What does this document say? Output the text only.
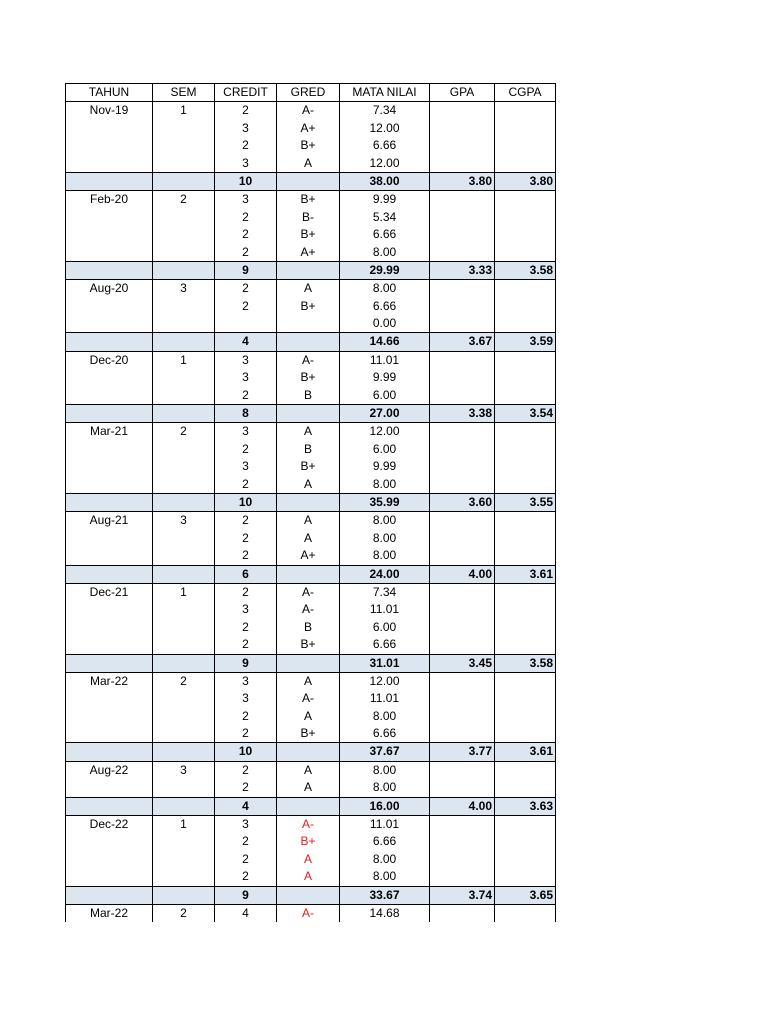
TAHUN	SEM	CREDIT	GRED	MATA NILAI	GPA	CGPA
Nov-19	1	2	A-	7.34		
		3	A+	12.00		
		2	B+	6.66		
		3	A	12.00		
		10		38.00	3.80	3.80
Feb-20	2	3	B+	9.99		
		2	B-	5.34		
		2	B+	6.66		
		2	A+	8.00		
		9		29.99	3.33	3.58
Aug-20	3	2	A	8.00		
		2	B+	6.66		
				0.00		
		4		14.66	3.67	3.59
Dec-20	1	3	A-	11.01		
		3	B+	9.99		
		2	B	6.00		
		8		27.00	3.38	3.54
Mar-21	2	3	A	12.00		
		2	B	6.00		
		3	B+	9.99		
		2	A	8.00		
		10		35.99	3.60	3.55
Aug-21	3	2	A	8.00		
		2	A	8.00		
		2	A+	8.00		
		6		24.00	4.00	3.61
Dec-21	1	2	A-	7.34		
		3	A-	11.01		
		2	B	6.00		
		2	B+	6.66		
		9		31.01	3.45	3.58
Mar-22	2	3	A	12.00		
		3	A-	11.01		
		2	A	8.00		
		2	B+	6.66		
		10		37.67	3.77	3.61
Aug-22	3	2	A	8.00		
		2	A	8.00		
		4		16.00	4.00	3.63
Dec-22	1	3	A-	11.01		
		2	B+	6.66		
		2	A	8.00		
		2	A	8.00		
		9		33.67	3.74	3.65
Mar-22	2	4	A-	14.68		
